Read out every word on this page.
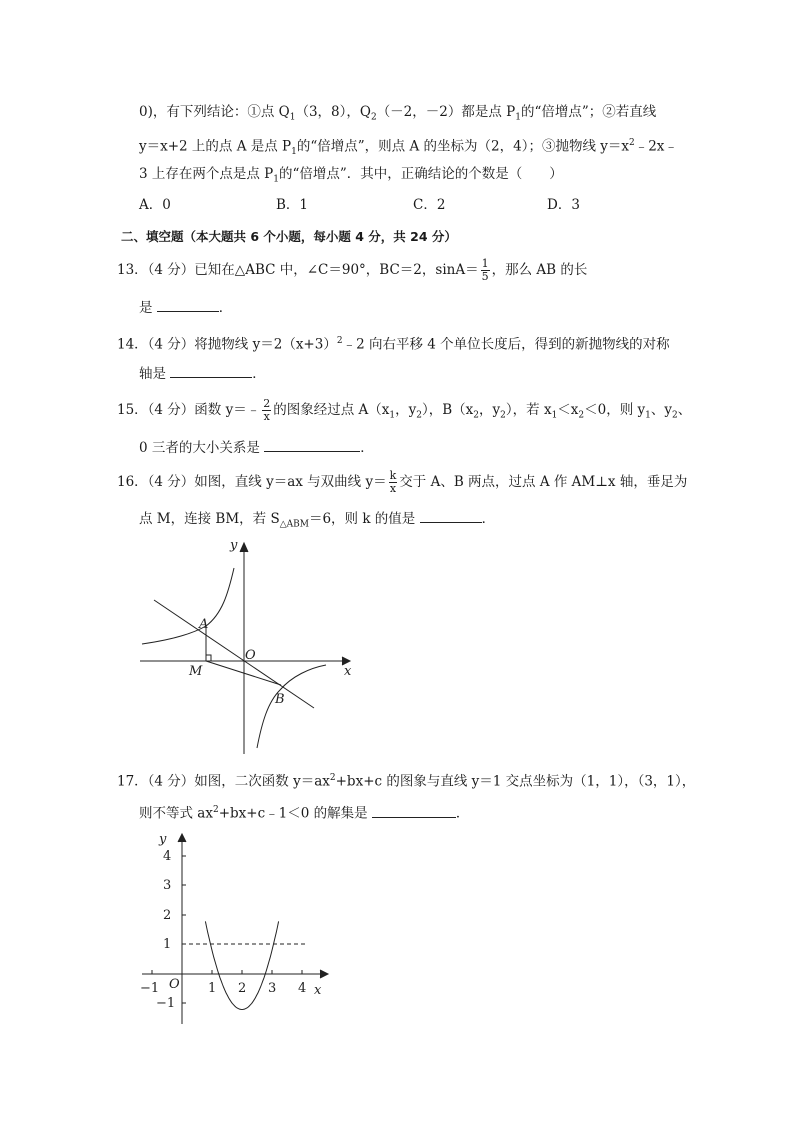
0)，有下列结论：①点 $Q_1(3$，8），$Q_2(-2$，－2）都是点 $P_1$的“倍增点”；②若直线
y＝x+2 上的点 A 是点 $P_1$的“倍增点”，则点 A 的坐标为（2，4）；③抛物线 $y=x^2﹣2x﹣$
3 上存在两个点是点 $P_1$的“倍增点”．其中，正确结论的个数是（　　）
A．0	B．1	C．2	D．3
二、填空题（本大题共 6 个小题，每小题 4 分，共 24 分）
13．（4 分）已知在△ABC 中，∠C＝90°，BC＝2，$\sin A= \frac{1}{5}$ ，那么 AB 的长
是	．
14．（4 分）将抛物线 $y=2(x+3)^2﹣2$ 向右平移 4 个单位长度后，得到的新抛物线的对称
轴是	．
15．（4 分）函数 y＝﹣ $\frac{2}{x}$ 的图象经过点 $A(x_1$，$y_2$），$B(x_2$，$y_2$），若 $x_1<x_2<0$，则 $y_1$、$y_2$、
0 三者的大小关系是	．
16．（4 分）如图，直线 y＝ax 与双曲线 $y= \frac{k}{x}$ 交于 A、B 两点，过点 A 作 AM⊥x 轴，垂足为
点 M，连接 BM，若 $S_{\triangle ABM}=6$，则 k 的值是	．
y
x
A
O
M
B
17．（4 分）如图，二次函数 $y=ax^2+bx+c$ 的图象与直线 y＝1 交点坐标为（1，1），（3，1），
则不等式 $ax^2+bx+c﹣1<0$ 的解集是	．
y
x
O
4
3
2
1
−1
−1	1 2 3 4
